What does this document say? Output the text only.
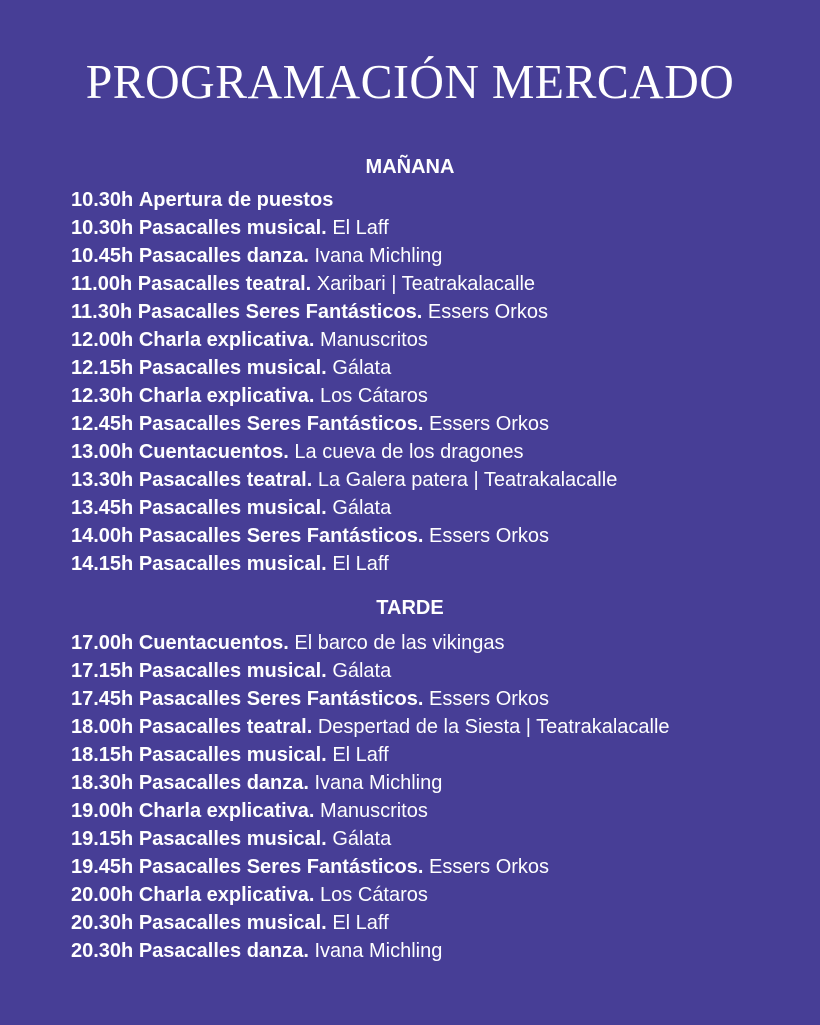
PROGRAMACIÓN MERCADO
MAÑANA
10.30h Apertura de puestos
10.30h Pasacalles musical. El Laff
10.45h Pasacalles danza. Ivana Michling
11.00h Pasacalles teatral. Xaribari | Teatrakalacalle
11.30h Pasacalles Seres Fantásticos. Essers Orkos
12.00h Charla explicativa. Manuscritos
12.15h Pasacalles musical. Gálata
12.30h Charla explicativa. Los Cátaros
12.45h Pasacalles Seres Fantásticos. Essers Orkos
13.00h Cuentacuentos. La cueva de los dragones
13.30h Pasacalles teatral. La Galera patera | Teatrakalacalle
13.45h Pasacalles musical. Gálata
14.00h Pasacalles Seres Fantásticos. Essers Orkos
14.15h Pasacalles musical. El Laff
TARDE
17.00h Cuentacuentos. El barco de las vikingas
17.15h Pasacalles musical. Gálata
17.45h Pasacalles Seres Fantásticos. Essers Orkos
18.00h Pasacalles teatral. Despertad de la Siesta | Teatrakalacalle
18.15h Pasacalles musical. El Laff
18.30h Pasacalles danza. Ivana Michling
19.00h Charla explicativa. Manuscritos
19.15h Pasacalles musical. Gálata
19.45h Pasacalles Seres Fantásticos. Essers Orkos
20.00h Charla explicativa. Los Cátaros
20.30h Pasacalles musical. El Laff
20.30h Pasacalles danza. Ivana Michling
